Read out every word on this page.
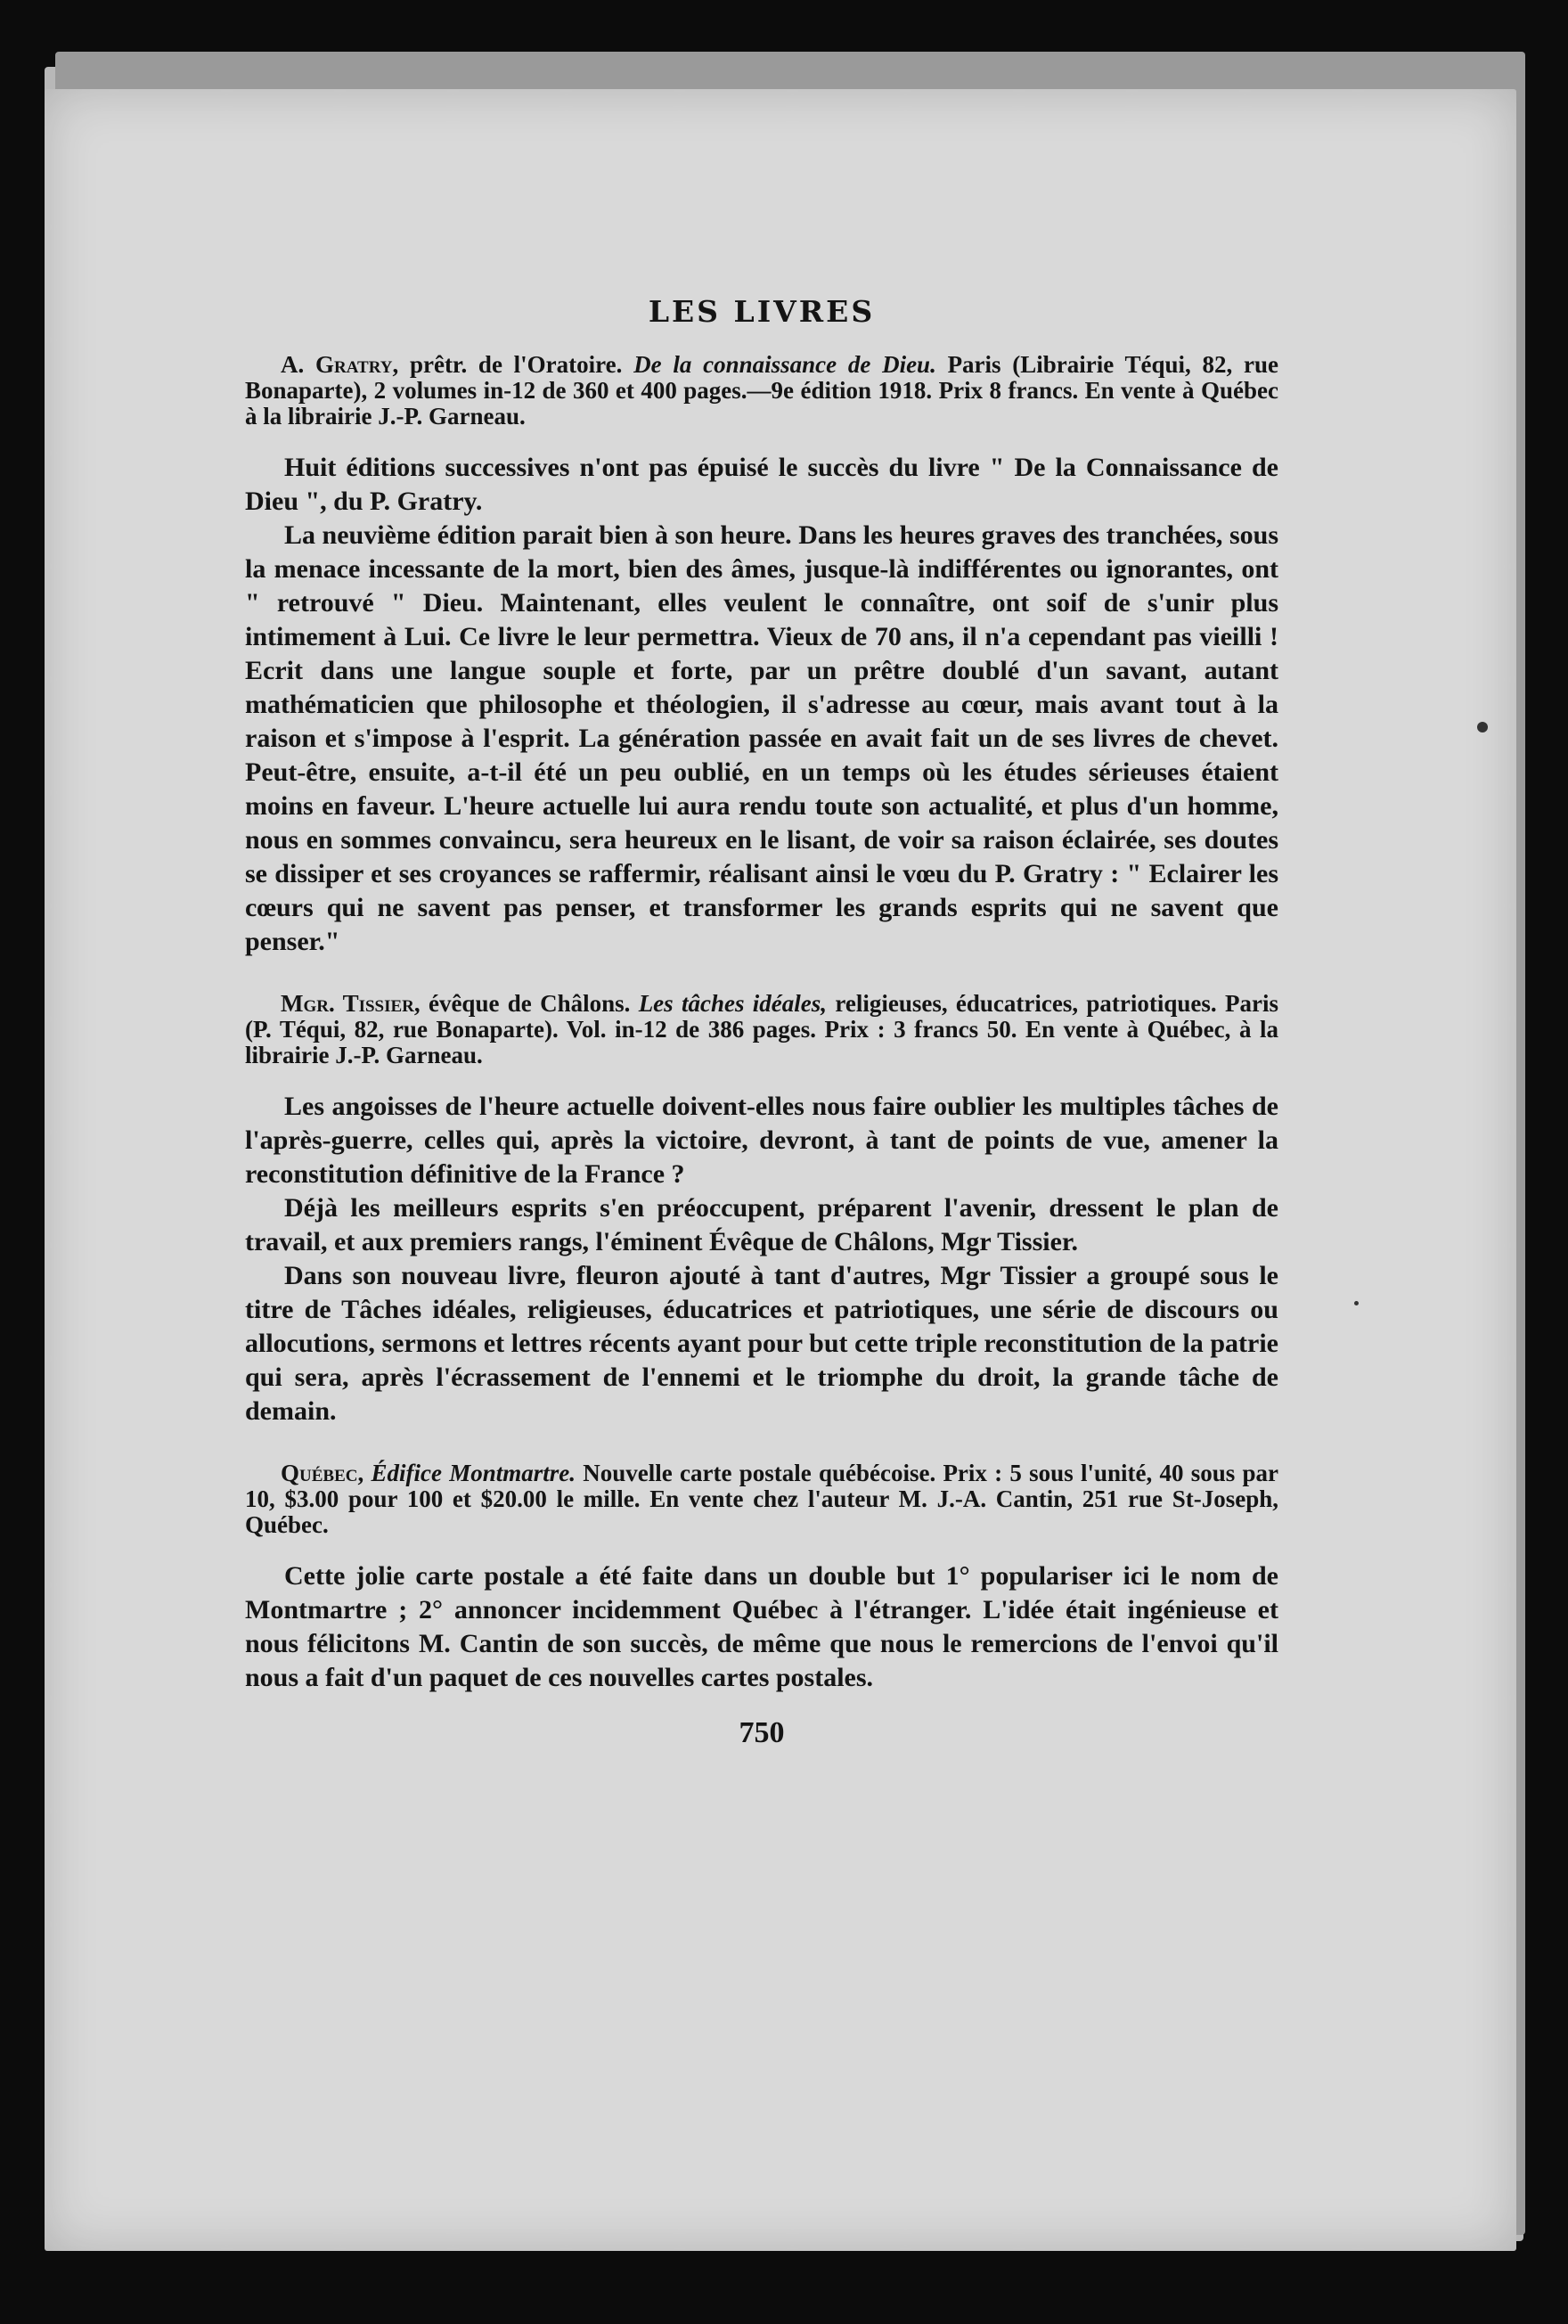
LES LIVRES
A. Gratry, prêtr. de l'Oratoire. De la connaissance de Dieu. Paris (Librairie Téqui, 82, rue Bonaparte), 2 volumes in-12 de 360 et 400 pages.—9e édition 1918. Prix 8 francs. En vente à Québec à la librairie J.-P. Garneau.

Huit éditions successives n'ont pas épuisé le succès du livre " De la Connaissance de Dieu ", du P. Gratry.

La neuvième édition parait bien à son heure. Dans les heures graves des tranchées, sous la menace incessante de la mort, bien des âmes, jusque-là indifférentes ou ignorantes, ont " retrouvé " Dieu. Maintenant, elles veulent le connaître, ont soif de s'unir plus intimement à Lui. Ce livre le leur permettra. Vieux de 70 ans, il n'a cependant pas vieilli ! Ecrit dans une langue souple et forte, par un prêtre doublé d'un savant, autant mathématicien que philosophe et théologien, il s'adresse au cœur, mais avant tout à la raison et s'impose à l'esprit. La génération passée en avait fait un de ses livres de chevet. Peut-être, ensuite, a-t-il été un peu oublié, en un temps où les études sérieuses étaient moins en faveur. L'heure actuelle lui aura rendu toute son actualité, et plus d'un homme, nous en sommes convaincu, sera heureux en le lisant, de voir sa raison éclairée, ses doutes se dissiper et ses croyances se raffermir, réalisant ainsi le vœu du P. Gratry : " Eclairer les cœurs qui ne savent pas penser, et transformer les grands esprits qui ne savent que penser."

Mgr. Tissier, évêque de Châlons. Les tâches idéales, religieuses, éducatrices, patriotiques. Paris (P. Téqui, 82, rue Bonaparte). Vol. in-12 de 386 pages. Prix : 3 francs 50. En vente à Québec, à la librairie J.-P. Garneau.

Les angoisses de l'heure actuelle doivent-elles nous faire oublier les multiples tâches de l'après-guerre, celles qui, après la victoire, devront, à tant de points de vue, amener la reconstitution définitive de la France ?

Déjà les meilleurs esprits s'en préoccupent, préparent l'avenir, dressent le plan de travail, et aux premiers rangs, l'éminent Évêque de Châlons, Mgr Tissier.

Dans son nouveau livre, fleuron ajouté à tant d'autres, Mgr Tissier a groupé sous le titre de Tâches idéales, religieuses, éducatrices et patriotiques, une série de discours ou allocutions, sermons et lettres récents ayant pour but cette triple reconstitution de la patrie qui sera, après l'écrassement de l'ennemi et le triomphe du droit, la grande tâche de demain.

Québec, Édifice Montmartre. Nouvelle carte postale québécoise. Prix : 5 sous l'unité, 40 sous par 10, $3.00 pour 100 et $20.00 le mille. En vente chez l'auteur M. J.-A. Cantin, 251 rue St-Joseph, Québec.

Cette jolie carte postale a été faite dans un double but 1° populariser ici le nom de Montmartre ; 2° annoncer incidemment Québec à l'étranger. L'idée était ingénieuse et nous félicitons M. Cantin de son succès, de même que nous le remercions de l'envoi qu'il nous a fait d'un paquet de ces nouvelles cartes postales.

750
